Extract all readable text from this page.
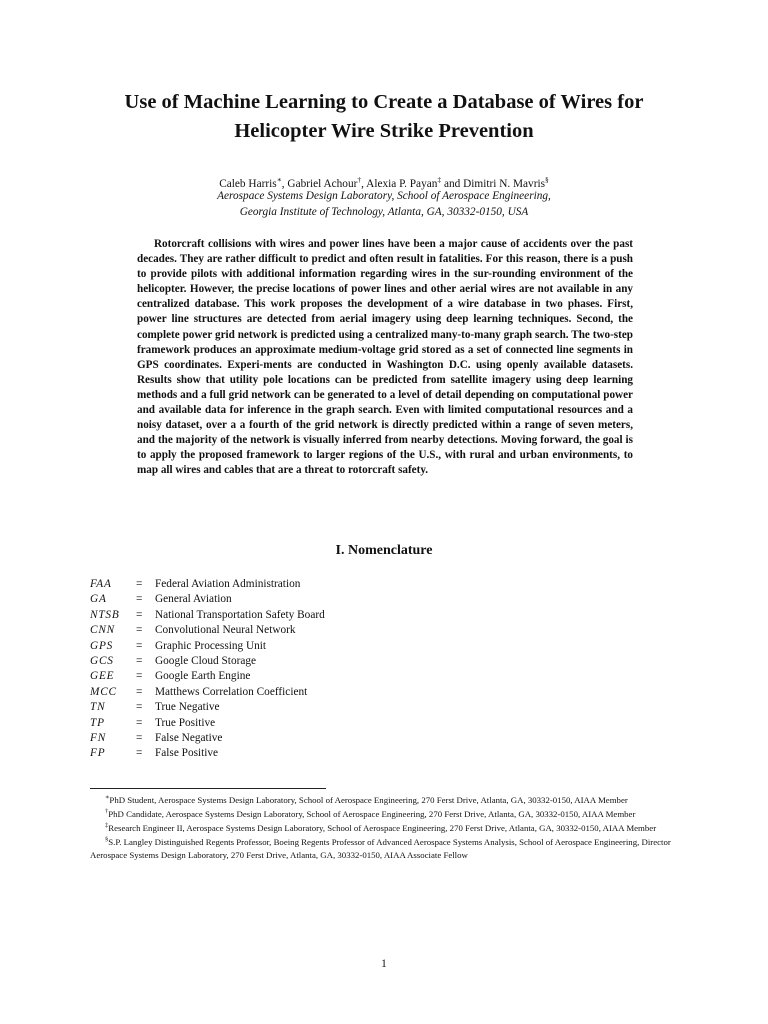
Use of Machine Learning to Create a Database of Wires for
Helicopter Wire Strike Prevention
Caleb Harris∗, Gabriel Achour†, Alexia P. Payan‡ and Dimitri N. Mavris§
Aerospace Systems Design Laboratory, School of Aerospace Engineering,
Georgia Institute of Technology, Atlanta, GA, 30332-0150, USA

Rotorcraft collisions with wires and power lines have been a major cause of accidents over the past decades. They are rather difficult to predict and often result in fatalities. For this reason, there is a push to provide pilots with additional information regarding wires in the sur-rounding environment of the helicopter. However, the precise locations of power lines and other aerial wires are not available in any centralized database. This work proposes the development of a wire database in two phases. First, power line structures are detected from aerial imagery using deep learning techniques. Second, the complete power grid network is predicted using a centralized many-to-many graph search. The two-step framework produces an approximate medium-voltage grid stored as a set of connected line segments in GPS coordinates. Experi-ments are conducted in Washington D.C. using openly available datasets. Results show that utility pole locations can be predicted from satellite imagery using deep learning methods and a full grid network can be generated to a level of detail depending on computational power and available data for inference in the graph search. Even with limited computational resources and a noisy dataset, over a a fourth of the grid network is directly predicted within a range of seven meters, and the majority of the network is visually inferred from nearby detections. Moving forward, the goal is to apply the proposed framework to larger regions of the U.S., with rural and urban environments, to map all wires and cables that are a threat to rotorcraft safety.

I. Nomenclature
FAA = Federal Aviation Administration
GA	= General Aviation
NTSB = National Transportation Safety Board
CNN = Convolutional Neural Network
GPS = Graphic Processing Unit
GCS = Google Cloud Storage
GEE = Google Earth Engine
MCC = Matthews Correlation Coefficient
TN	= True Negative
TP	= True Positive
FN	= False Negative
FP	= False Positive

∗PhD Student, Aerospace Systems Design Laboratory, School of Aerospace Engineering, 270 Ferst Drive, Atlanta, GA, 30332-0150, AIAA Member

†PhD Candidate, Aerospace Systems Design Laboratory, School of Aerospace Engineering, 270 Ferst Drive, Atlanta, GA, 30332-0150, AIAA Member

‡Research Engineer II, Aerospace Systems Design Laboratory, School of Aerospace Engineering, 270 Ferst Drive, Atlanta, GA, 30332-0150, AIAA Member

§S.P. Langley Distinguished Regents Professor, Boeing Regents Professor of Advanced Aerospace Systems Analysis, School of Aerospace Engineering, Director Aerospace Systems Design Laboratory, 270 Ferst Drive, Atlanta, GA, 30332-0150, AIAA Associate Fellow

1
